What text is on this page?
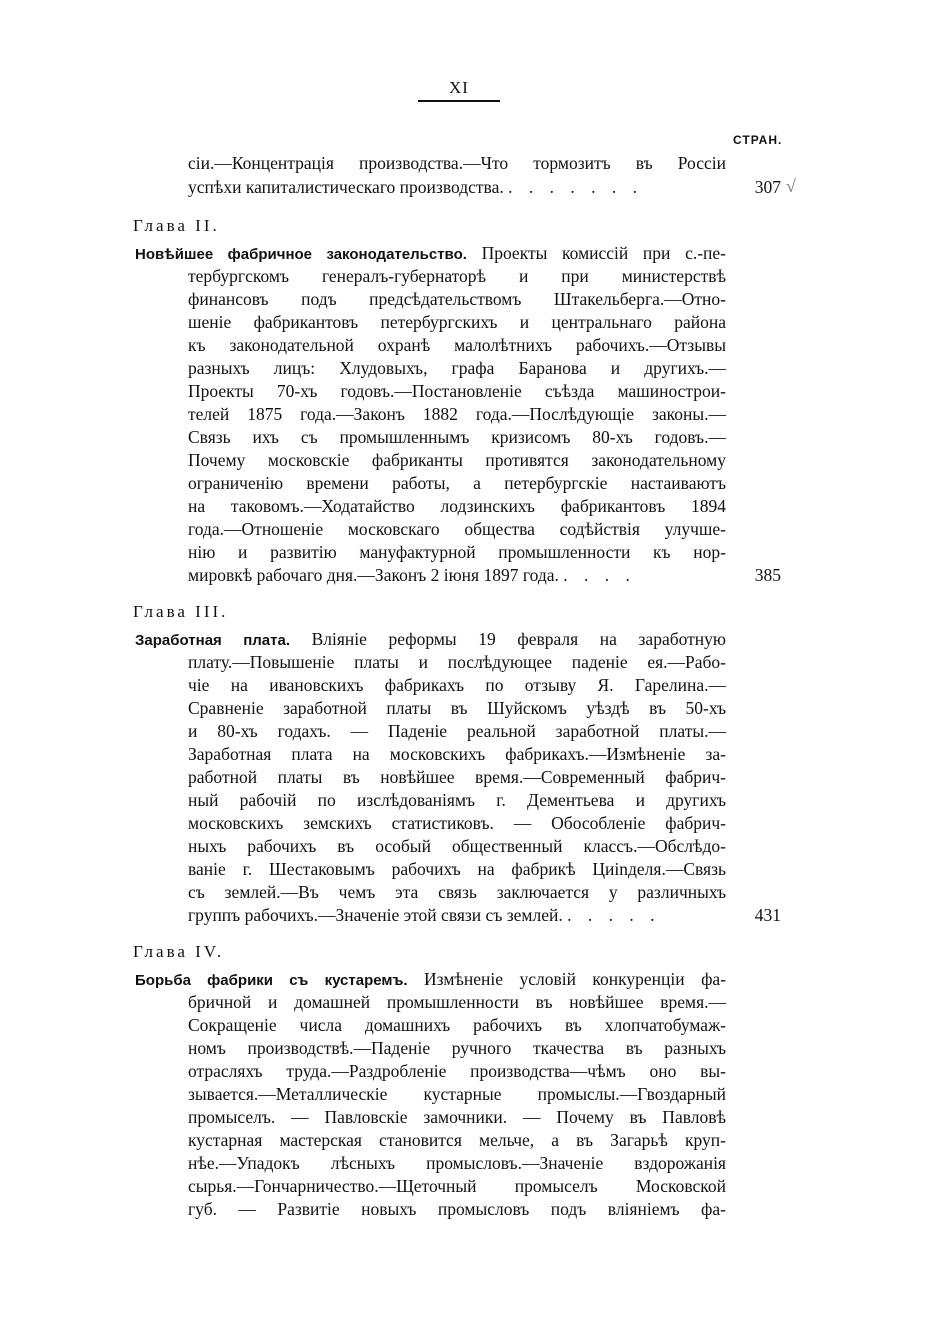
XI
СТРАН.
сіи.—Концентрація производства.—Что тормозитъ въ Россіи
успѣхи капиталистическаго производства. . . . . . . .	307 √
Глава II.
Новѣйшее фабричное законодательство. Проекты комиссій при с.-пе-
тербургскомъ генералъ-губернаторѣ и при министерствѣ
финансовъ подъ предсѣдательствомъ Штакельберга.—Отно-
шеніе фабрикантовъ петербургскихъ и центральнаго района
къ законодательной охранѣ малолѣтнихъ рабочихъ.—Отзывы
разныхъ лицъ: Хлудовыхъ, графа Баранова и другихъ.—
Проекты 70-хъ годовъ.—Постановленіе съѣзда машинострои-
телей 1875 года.—Законъ 1882 года.—Послѣдующіе законы.—
Связь ихъ съ промышленнымъ кризисомъ 80-хъ годовъ.—
Почему московскіе фабриканты противятся законодательному
ограниченію времени работы, а петербургскіе настаиваютъ
на таковомъ.—Ходатайство лодзинскихъ фабрикантовъ 1894
года.—Отношеніе московскаго общества содѣйствія улучше-
нію и развитію мануфактурной промышленности къ нор-
мировкѣ рабочаго дня.—Законъ 2 іюня 1897 года. . . . .	385
Глава III.
Заработная плата. Вліяніе реформы 19 февраля на заработную
плату.—Повышеніе платы и послѣдующее паденіе ея.—Рабо-
чіе на ивановскихъ фабрикахъ по отзыву Я. Гарелина.—
Сравненіе заработной платы въ Шуйскомъ уѣздѣ въ 50-хъ
и 80-хъ годахъ. — Паденіе реальной заработной платы.—
Заработная плата на московскихъ фабрикахъ.—Измѣненіе за-
работной платы въ новѣйшее время.—Современный фабрич-
ный рабочій по изслѣдованіямъ г. Дементьева и другихъ
московскихъ земскихъ статистиковъ. — Обособленіе фабрич-
ныхъ рабочихъ въ особый общественный классъ.—Обслѣдо-
ваніе г. Шестаковымъ рабочихъ на фабрикѣ Циinделя.—Связь
съ землей.—Въ чемъ эта связь заключается у различныхъ
группъ рабочихъ.—Значеніе этой связи съ землей. . . . . .	431
Глава IV.
Борьба фабрики съ кустаремъ. Измѣненіе условій конкуренціи фа-
бричной и домашней промышленности въ новѣйшее время.—
Сокращеніе числа домашнихъ рабочихъ въ хлопчатобумаж-
номъ производствѣ.—Паденіе ручного ткачества въ разныхъ
отрасляхъ труда.—Раздробленіе производства—чѣмъ оно вы-
зывается.—Металлическіе кустарные промыслы.—Гвоздарный
промыселъ. — Павловскіе замочники. — Почему въ Павловѣ
кустарная мастерская становится мельче, а въ Загарьѣ круп-
нѣе.—Упадокъ лѣсныхъ промысловъ.—Значеніе вздорожанія
сырья.—Гончарничество.—Щеточный промыселъ Московской
губ. — Развитіе новыхъ промысловъ подъ вліяніемъ фа-
